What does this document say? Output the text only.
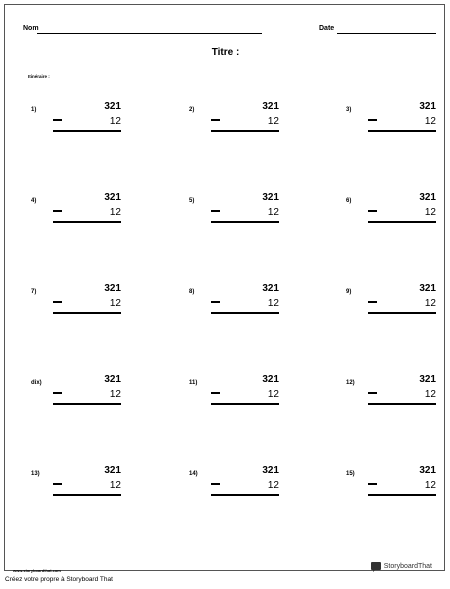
Nom	Date
Titre :
Itinéraire :
1)	321
12
2)	321
12
3)	321
12
4)	321
12
5)	321
12
6)	321
12
7)	321
12
8)	321
12
9)	321
12
dix)	321
12
11)	321
12
12)	321
12
13)	321
12
14)	321
12
15)	321
12
www.storyboardthat.com
StoryboardThat
Créez votre propre à Storyboard That
